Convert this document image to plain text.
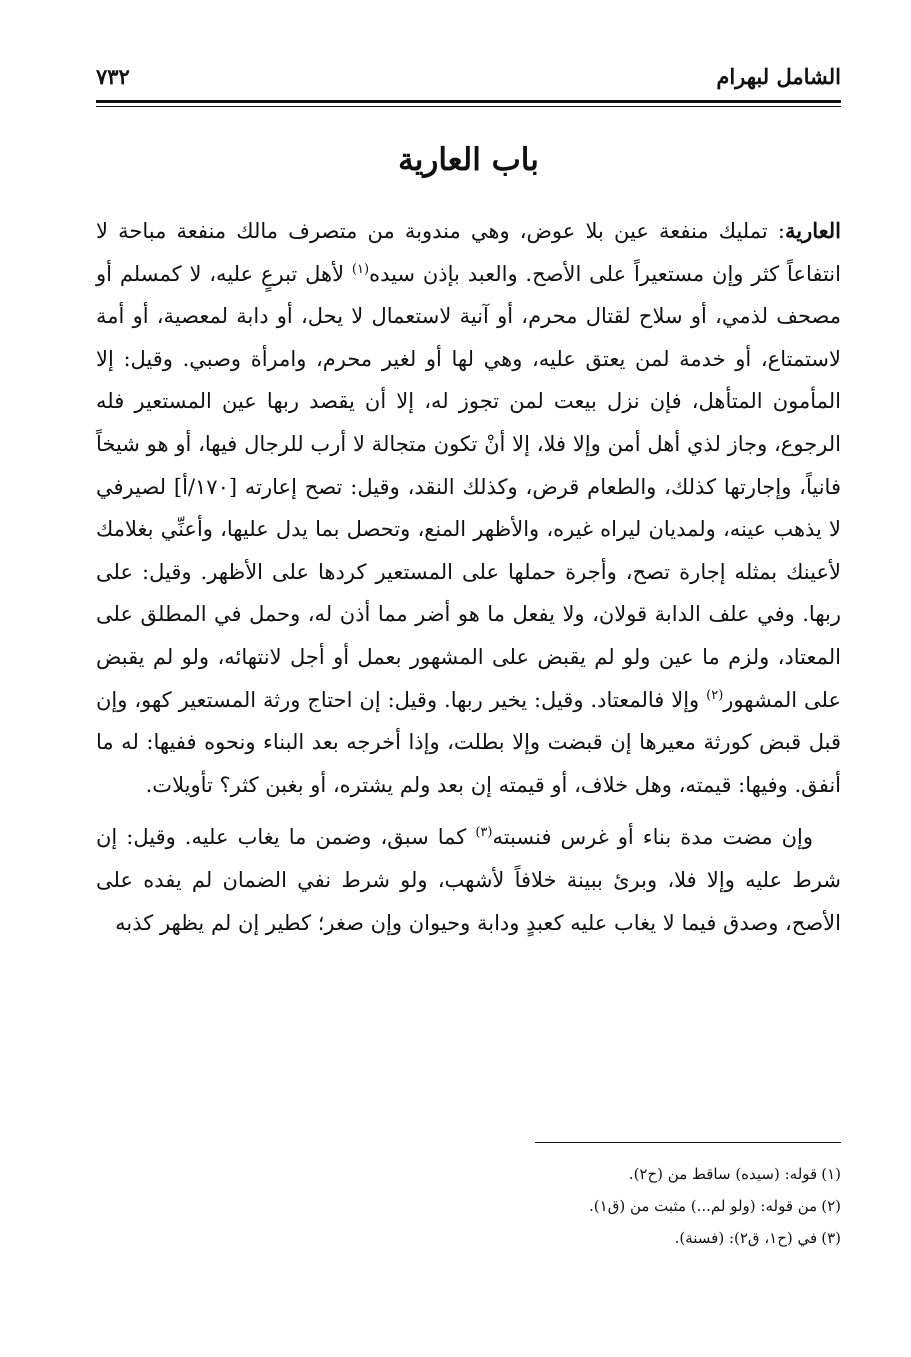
الشامل لبهرام
٧٣٢
باب العارية

العارية: تمليك منفعة عين بلا عوض، وهي مندوبة من متصرف مالك منفعة مباحة لا انتفاعاً كثر وإن مستعيراً على الأصح. والعبد بإذن سيده$^{(١)}$ لأهل تبرعٍ عليه، لا كمسلم أو مصحف لذمي، أو سلاح لقتال محرم، أو آنية لاستعمال لا يحل، أو دابة لمعصية، أو أمة لاستمتاع، أو خدمة لمن يعتق عليه، وهي لها أو لغير محرم، وامرأة وصبي. وقيل: إلا المأمون المتأهل، فإن نزل بيعت لمن تجوز له، إلا أن يقصد ربها عين المستعير فله الرجوع، وجاز لذي أهل أمن وإلا فلا، إلا أنْ تكون متجالة لا أرب للرجال فيها، أو هو شيخاً فانياً، وإجارتها كذلك، والطعام قرض، وكذلك النقد، وقيل: تصح إعارته [١٧٠/أ] لصيرفي لا يذهب عينه، ولمديان ليراه غيره، والأظهر المنع، وتحصل بما يدل عليها، وأعنِّي بغلامك لأعينك بمثله إجارة تصح، وأجرة حملها على المستعير كردها على الأظهر. وقيل: على ربها. وفي علف الدابة قولان، ولا يفعل ما هو أضر مما أذن له، وحمل في المطلق على المعتاد، ولزم ما عين ولو لم يقبض على المشهور بعمل أو أجل لانتهائه، ولو لم يقبض على المشهور$^{(٢)}$ وإلا فالمعتاد. وقيل: يخير ربها. وقيل: إن احتاج ورثة المستعير كهو، وإن قبل قبض كورثة معيرها إن قبضت وإلا بطلت، وإذا أخرجه بعد البناء ونحوه ففيها: له ما أنفق. وفيها: قيمته، وهل خلاف، أو قيمته إن بعد ولم يشتره، أو بغبن كثر؟ تأويلات.

وإن مضت مدة بناء أو غرس فنسبته$^{(٣)}$ كما سبق، وضمن ما يغاب عليه. وقيل: إن شرط عليه وإلا فلا، وبرئ ببينة خلافاً لأشهب، ولو شرط نفي الضمان لم يفده على الأصح، وصدق فيما لا يغاب عليه كعبدٍ ودابة وحيوان وإن صغر؛ كطير إن لم يظهر كذبه

(١)
قوله: (سيده) ساقط من (ح٢).
(٢)
من قوله: (ولو لم...) مثبت من (ق١).
(٣)
في (ح١، ق٢): (فسنة).
